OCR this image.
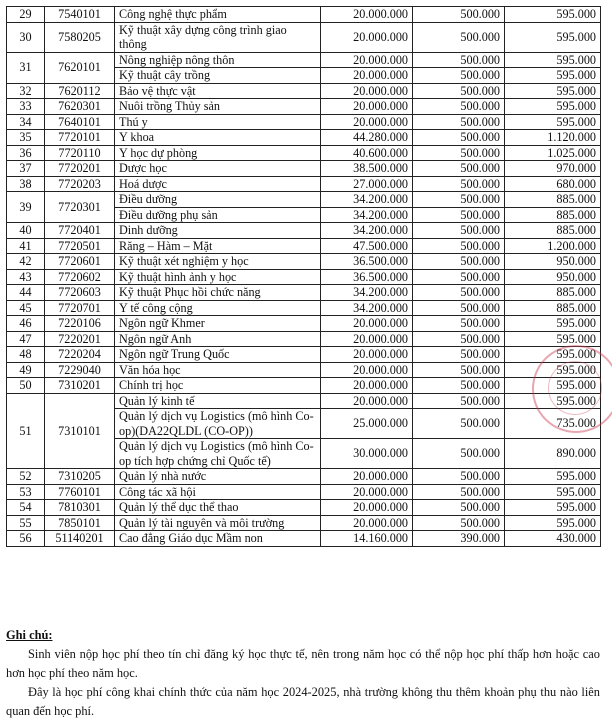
29	7540101	Công nghệ thực phẩm	20.000.000	500.000	595.000
30	7580205	Kỹ thuật xây dựng công trình giao thông	20.000.000	500.000	595.000
31	7620101	Nông nghiệp nông thôn	20.000.000	500.000	595.000
		Kỹ thuật cây trồng	20.000.000	500.000	595.000
32	7620112	Bảo vệ thực vật	20.000.000	500.000	595.000
33	7620301	Nuôi trồng Thủy sản	20.000.000	500.000	595.000
34	7640101	Thú y	20.000.000	500.000	595.000
35	7720101	Y khoa	44.280.000	500.000	1.120.000
36	7720110	Y học dự phòng	40.600.000	500.000	1.025.000
37	7720201	Dược học	38.500.000	500.000	970.000
38	7720203	Hoá dược	27.000.000	500.000	680.000
39	7720301	Điều dưỡng	34.200.000	500.000	885.000
		Điều dưỡng phụ sản	34.200.000	500.000	885.000
40	7720401	Dinh dưỡng	34.200.000	500.000	885.000
41	7720501	Răng – Hàm – Mặt	47.500.000	500.000	1.200.000
42	7720601	Kỹ thuật xét nghiệm y học	36.500.000	500.000	950.000
43	7720602	Kỹ thuật hình ảnh y học	36.500.000	500.000	950.000
44	7720603	Kỹ thuật Phục hồi chức năng	34.200.000	500.000	885.000
45	7720701	Y tế công cộng	34.200.000	500.000	885.000
46	7220106	Ngôn ngữ Khmer	20.000.000	500.000	595.000
47	7220201	Ngôn ngữ Anh	20.000.000	500.000	595.000
48	7220204	Ngôn ngữ Trung Quốc	20.000.000	500.000	595.000
49	7229040	Văn hóa học	20.000.000	500.000	595.000
50	7310201	Chính trị học	20.000.000	500.000	595.000
51	7310101	Quản lý kinh tế	20.000.000	500.000	595.000
		Quản lý dịch vụ Logistics (mô hình Co-op)(DA22QLDL (CO-OP))	25.000.000	500.000	735.000
		Quản lý dịch vụ Logistics (mô hình Co-op tích hợp chứng chỉ Quốc tế)	30.000.000	500.000	890.000
52	7310205	Quản lý nhà nước	20.000.000	500.000	595.000
53	7760101	Công tác xã hội	20.000.000	500.000	595.000
54	7810301	Quản lý thể dục thể thao	20.000.000	500.000	595.000
55	7850101	Quản lý tài nguyên và môi trường	20.000.000	500.000	595.000
56	51140201	Cao đẳng Giáo dục Mầm non	14.160.000	390.000	430.000
Ghi chú:

Sinh viên nộp học phí theo tín chỉ đăng ký học thực tế, nên trong năm học có thể nộp học phí thấp hơn hoặc cao hơn học phí theo năm học.

Đây là học phí công khai chính thức của năm học 2024-2025, nhà trường không thu thêm khoản phụ thu nào liên quan đến học phí.
